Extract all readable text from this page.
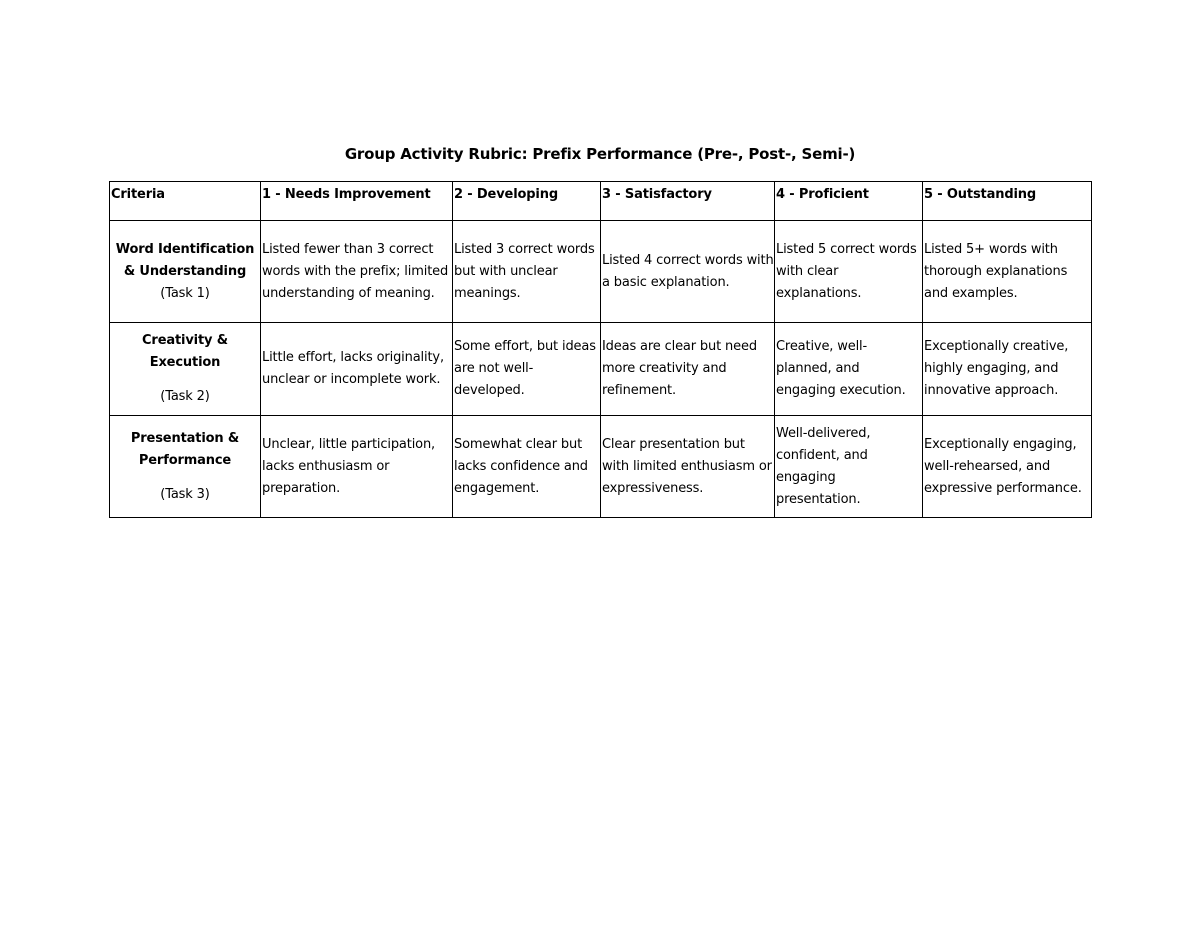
Group Activity Rubric: Prefix Performance (Pre-, Post-, Semi-)
Criteria	1 - Needs Improvement	2 - Developing	3 - Satisfactory	4 - Proficient	5 - Outstanding

Word Identification & Understanding
(Task 1)	Listed fewer than 3 correct words with the prefix; limited understanding of meaning.	Listed 3 correct words but with unclear meanings.	Listed 4 correct words with a basic explanation.	Listed 5 correct words with clear explanations.	Listed 5+ words with thorough explanations and examples.

Creativity & Execution
(Task 2)	Little effort, lacks originality, unclear or incomplete work.	Some effort, but ideas are not well-developed.	Ideas are clear but need more creativity and refinement.	Creative, well-planned, and engaging execution.	Exceptionally creative, highly engaging, and innovative approach.

Presentation & Performance
(Task 3)	Unclear, little participation, lacks enthusiasm or preparation.	Somewhat clear but lacks confidence and engagement.	Clear presentation but with limited enthusiasm or expressiveness.	Well-delivered, confident, and engaging presentation.	Exceptionally engaging, well-rehearsed, and expressive performance.
